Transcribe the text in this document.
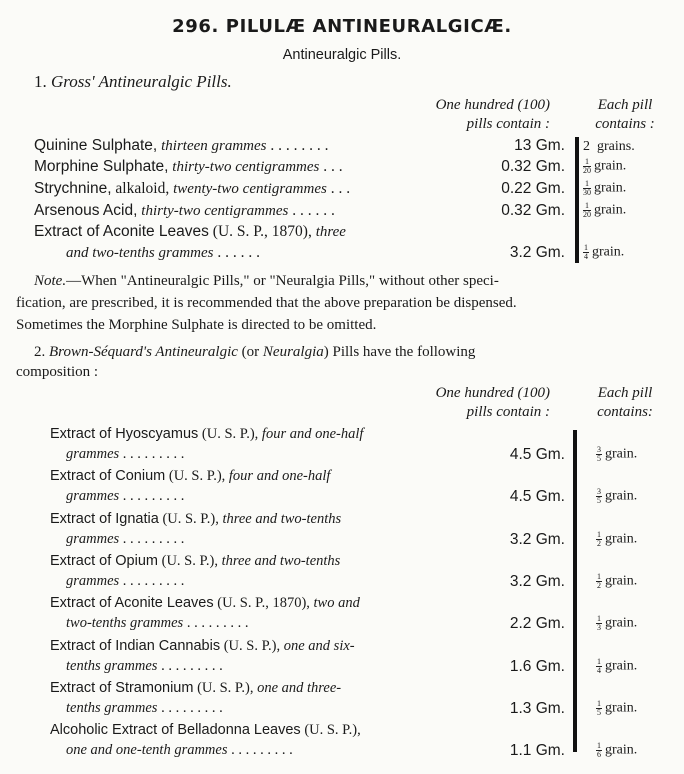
296. PILULÆ ANTINEURALGICÆ.
Antineuralgic Pills.
1. Gross' Antineuralgic Pills.
One hundred (100)
pills contain :
Each pill
contains :
Quinine Sulphate, thirteen grammes . . . . . . . .	13 Gm. 2 grains.
Morphine Sulphate, thirty-two centigrammes . . .	0.32 Gm. $\frac{1}{20}$ grain.
Strychnine, alkaloid, twenty-two centigrammes . . .	0.22 Gm. $\frac{1}{30}$ grain.
Arsenous Acid, thirty-two centigrammes . . . . . .	0.32 Gm. $\frac{1}{20}$ grain.
Extract of Aconite Leaves (U. S. P., 1870), three
and two-tenths grammes . . . . . .	3.2 Gm. $\frac{1}{4}$ grain.
Note.—When "Antineuralgic Pills," or "Neuralgia Pills," without other speci-
fication, are prescribed, it is recommended that the above preparation be dispensed.
Sometimes the Morphine Sulphate is directed to be omitted.
2. Brown-Séquard's Antineuralgic (or Neuralgia) Pills have the following
composition :
One hundred (100)
pills contain :
Each pill
contains:
Extract of Hyoscyamus (U. S. P.), four and one-half
grammes . . . . . . . . .	4.5 Gm.	$\frac{3}{5}$ grain.
Extract of Conium (U. S. P.), four and one-half
grammes . . . . . . . . .	4.5 Gm.	$\frac{3}{5}$ grain.
Extract of Ignatia (U. S. P.), three and two-tenths
grammes . . . . . . . . .	3.2 Gm.	$\frac{1}{2}$ grain.
Extract of Opium (U. S. P.), three and two-tenths
grammes . . . . . . . . .	3.2 Gm.	$\frac{1}{2}$ grain.
Extract of Aconite Leaves (U. S. P., 1870), two and
two-tenths grammes . . . . . . . . .	2.2 Gm.	$\frac{1}{3}$ grain.
Extract of Indian Cannabis (U. S. P.), one and six-
tenths grammes . . . . . . . . .	1.6 Gm.	$\frac{1}{4}$ grain.
Extract of Stramonium (U. S. P.), one and three-
tenths grammes . . . . . . . . .	1.3 Gm.	$\frac{1}{5}$ grain.
Alcoholic Extract of Belladonna Leaves (U. S. P.),
one and one-tenth grammes . . . . . . . . .	1.1 Gm.	$\frac{1}{6}$ grain.
